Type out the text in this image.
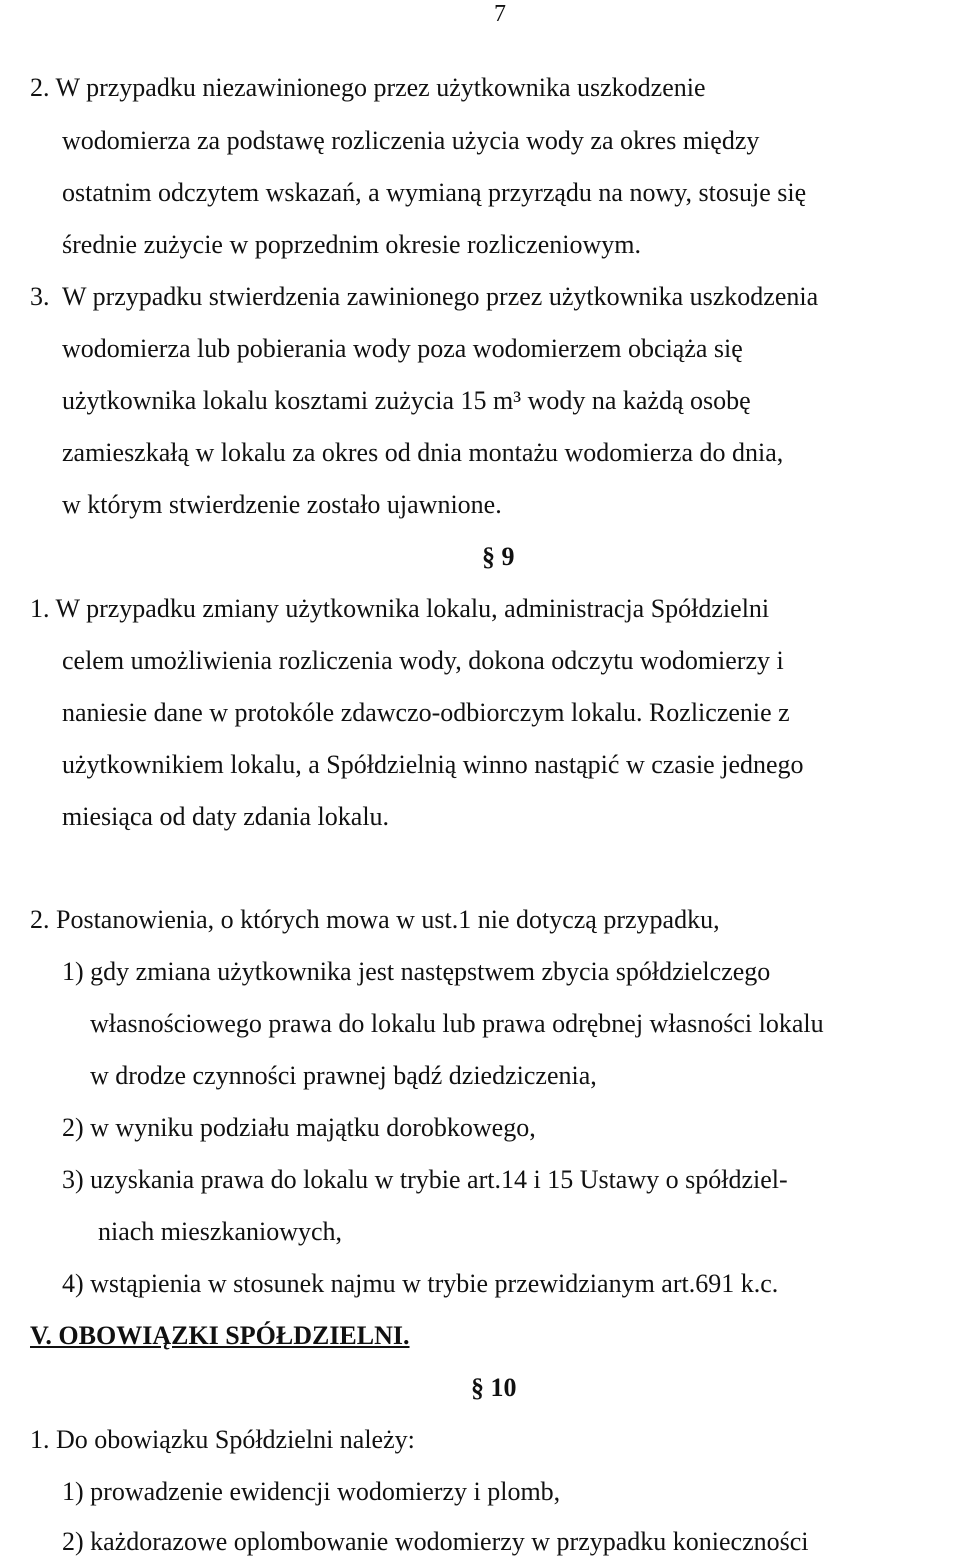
7
2. W przypadku niezawinionego przez użytkownika uszkodzenie
wodomierza za podstawę rozliczenia użycia wody za okres między
ostatnim odczytem wskazań, a wymianą przyrządu na nowy, stosuje się
średnie zużycie w poprzednim okresie rozliczeniowym.
3. W przypadku stwierdzenia zawinionego przez użytkownika uszkodzenia
wodomierza lub pobierania wody poza wodomierzem obciąża się
użytkownika lokalu kosztami zużycia 15 m³ wody na każdą osobę
zamieszkałą w lokalu za okres od dnia montażu wodomierza do dnia,
w którym stwierdzenie zostało ujawnione.
§ 9
1. W przypadku zmiany użytkownika lokalu, administracja Spółdzielni
celem umożliwienia rozliczenia wody, dokona odczytu wodomierzy i
naniesie dane w protokóle zdawczo-odbiorczym lokalu. Rozliczenie z
użytkownikiem lokalu, a Spółdzielnią winno nastąpić w czasie jednego
miesiąca od daty zdania lokalu.
2. Postanowienia, o których mowa w ust.1 nie dotyczą przypadku,
1) gdy zmiana użytkownika jest następstwem zbycia spółdzielczego
własnościowego prawa do lokalu lub prawa odrębnej własności lokalu
w drodze czynności prawnej bądź dziedziczenia,
2) w wyniku podziału majątku dorobkowego,
3) uzyskania prawa do lokalu w trybie art.14 i 15 Ustawy o spółdziel-
niach mieszkaniowych,
4) wstąpienia w stosunek najmu w trybie przewidzianym art.691 k.c.
V. OBOWIĄZKI SPÓŁDZIELNI.
§ 10
1. Do obowiązku Spółdzielni należy:
1) prowadzenie ewidencji wodomierzy i plomb,
2) każdorazowe oplombowanie wodomierzy w przypadku konieczności
